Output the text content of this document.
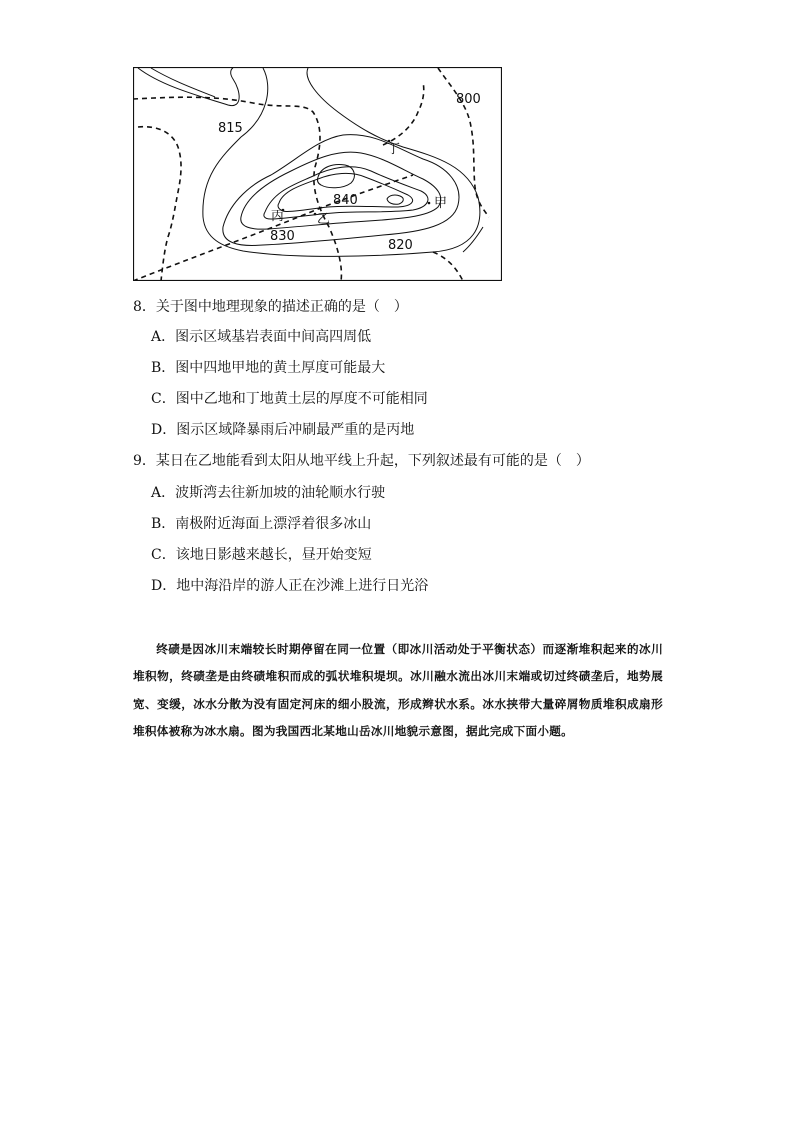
800
815
840
830
820
丁
甲
丙	乙
8．关于图中地理现象的描述正确的是（　）
A．图示区域基岩表面中间高四周低
B．图中四地甲地的黄土厚度可能最大
C．图中乙地和丁地黄土层的厚度不可能相同
D．图示区域降暴雨后冲刷最严重的是丙地
9．某日在乙地能看到太阳从地平线上升起，下列叙述最有可能的是（　）
A．波斯湾去往新加坡的油轮顺水行驶
B．南极附近海面上漂浮着很多冰山
C．该地日影越来越长，昼开始变短
D．地中海沿岸的游人正在沙滩上进行日光浴

终碛是因冰川末端较长时期停留在同一位置（即冰川活动处于平衡状态）而逐渐堆积起来的冰川堆积物，终碛垄是由终碛堆积而成的弧状堆积堤坝。冰川融水流出冰川末端或切过终碛垄后，地势展宽、变缓，冰水分散为没有固定河床的细小股流，形成辫状水系。冰水挟带大量碎屑物质堆积成扇形堆积体被称为冰水扇。图为我国西北某地山岳冰川地貌示意图，据此完成下面小题。
